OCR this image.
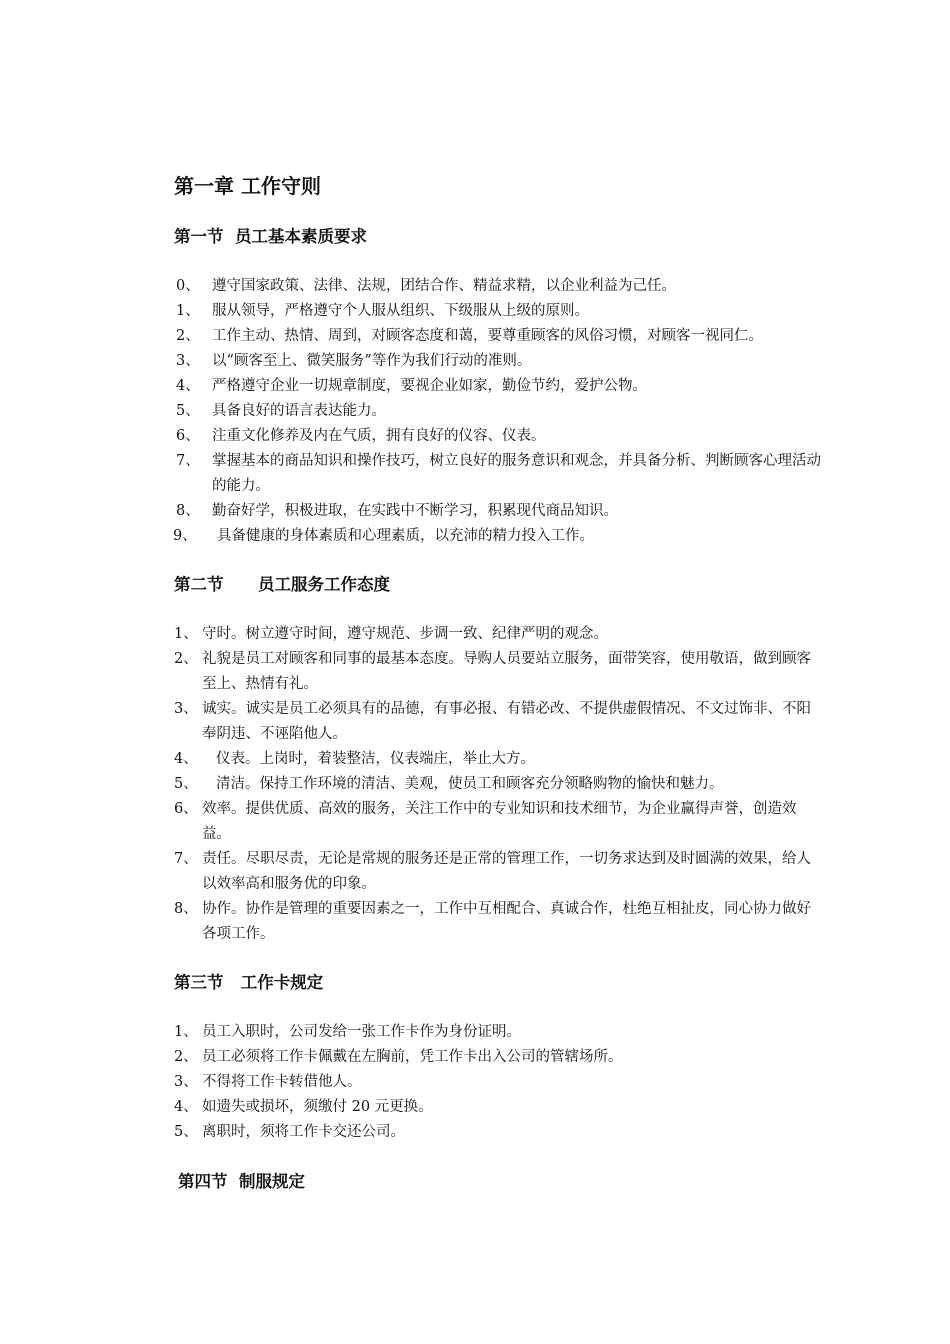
第一章 工作守则
第一节  员工基本素质要求
0、 遵守国家政策、法律、法规，团结合作、精益求精，以企业利益为己任。
1、 服从领导，严格遵守个人服从组织、下级服从上级的原则。
2、 工作主动、热情、周到，对顾客态度和蔼，要尊重顾客的风俗习惯，对顾客一视同仁。
3、 以“顾客至上、微笑服务”等作为我们行动的准则。
4、 严格遵守企业一切规章制度，要视企业如家，勤俭节约，爱护公物。
5、 具备良好的语言表达能力。
6、 注重文化修养及内在气质，拥有良好的仪容、仪表。
7、 掌握基本的商品知识和操作技巧，树立良好的服务意识和观念，并具备分析、判断顾客心理活动的能力。
8、 勤奋好学，积极进取，在实践中不断学习，积累现代商品知识。
9、 具备健康的身体素质和心理素质，以充沛的精力投入工作。
第二节      员工服务工作态度
1、 守时。树立遵守时间，遵守规范、步调一致、纪律严明的观念。
2、 礼貌是员工对顾客和同事的最基本态度。导购人员要站立服务，面带笑容，使用敬语，做到顾客至上、热情有礼。
3、 诚实。诚实是员工必须具有的品德，有事必报、有错必改、不提供虚假情况、不文过饰非、不阳奉阴违、不诬陷他人。
4、 仪表。上岗时，着装整洁，仪表端庄，举止大方。
5、 清洁。保持工作环境的清洁、美观，使员工和顾客充分领略购物的愉快和魅力。
6、 效率。提供优质、高效的服务，关注工作中的专业知识和技术细节，为企业赢得声誉，创造效益。
7、 责任。尽职尽责，无论是常规的服务还是正常的管理工作，一切务求达到及时圆满的效果，给人以效率高和服务优的印象。
8、 协作。协作是管理的重要因素之一，工作中互相配合、真诚合作，杜绝互相扯皮，同心协力做好各项工作。
第三节   工作卡规定
1、 员工入职时，公司发给一张工作卡作为身份证明。
2、 员工必须将工作卡佩戴在左胸前，凭工作卡出入公司的管辖场所。
3、 不得将工作卡转借他人。
4、 如遗失或损坏，须缴付 20 元更换。
5、 离职时，须将工作卡交还公司。
第四节  制服规定
